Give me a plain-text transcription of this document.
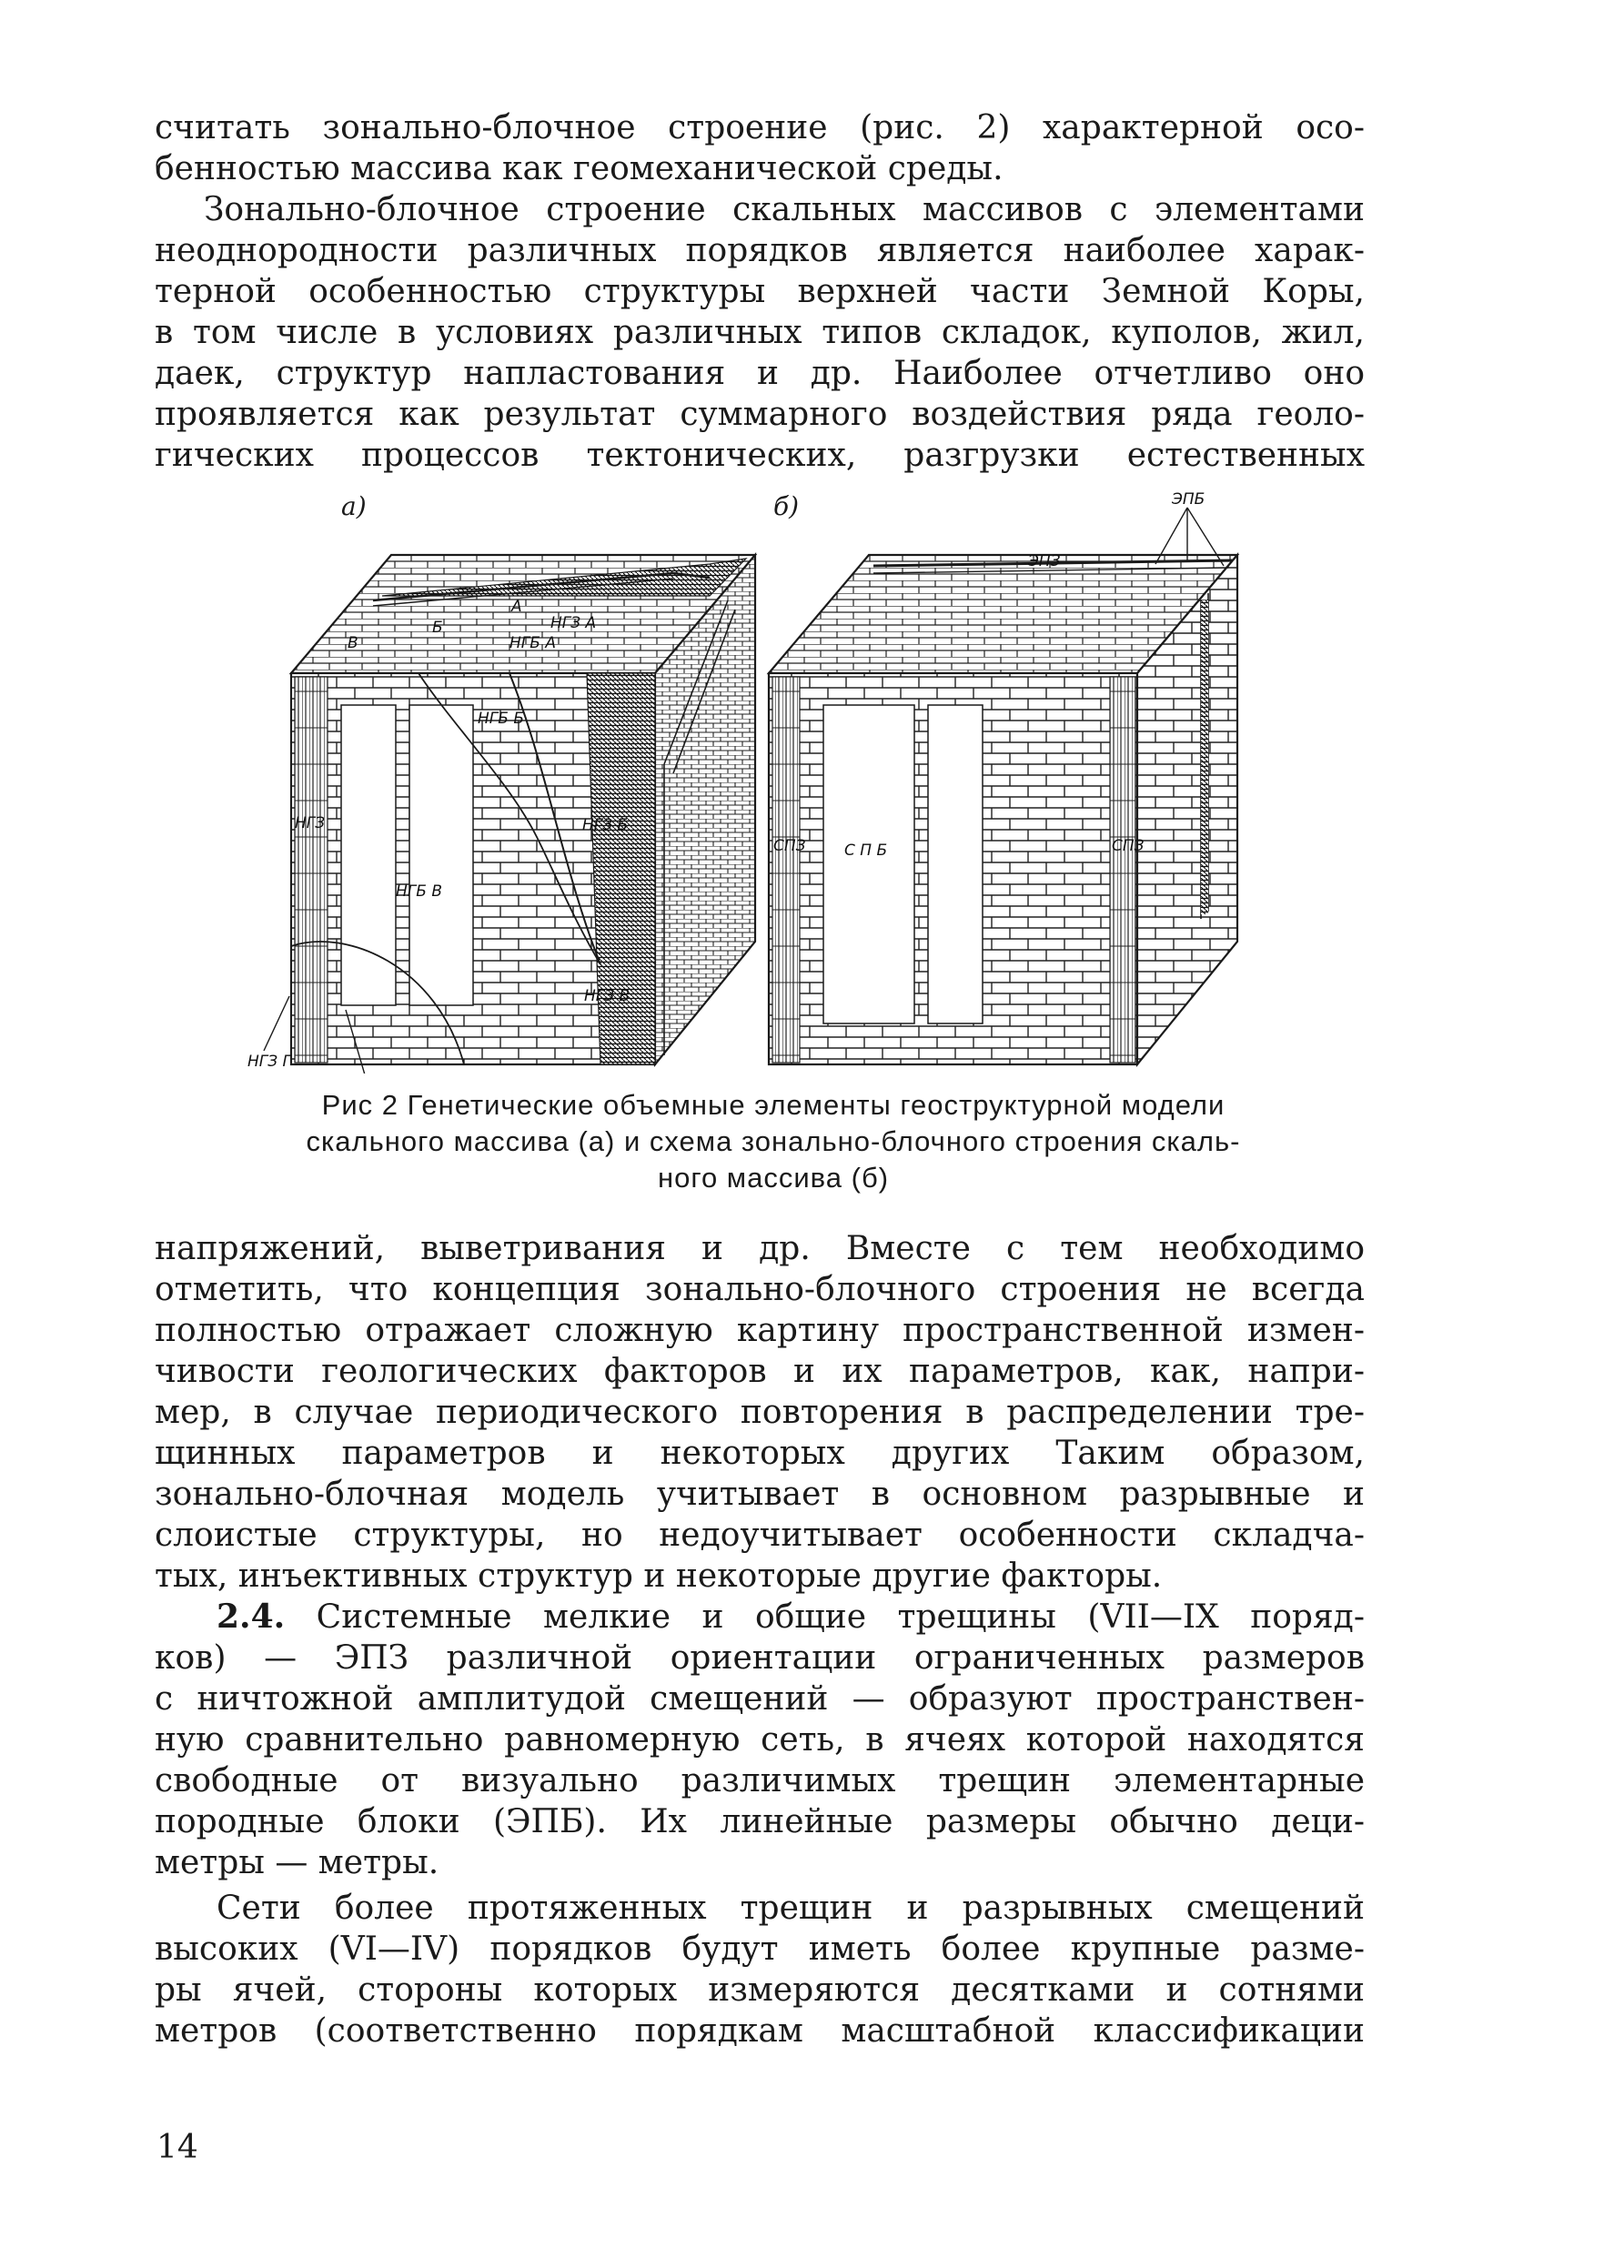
считать зонально-блочное строение (рис. 2) характерной осо-
бенностью массива как геомеханической среды.

Зонально-блочное строение скальных массивов с элементами
неоднородности различных порядков является наиболее харак-
терной особенностью структуры верхней части Земной Коры,
в том числе в условиях различных типов складок, куполов, жил,
даек, структур напластования и др. Наиболее отчетливо оно
проявляется как результат суммарного воздействия ряда геоло-
гических процессов тектонических, разгрузки естественных

а)	б)
В
Б
А
НГЗ А
НГБ А
НГБ Б
НГЗ	НГЗ Б
НГБ В
НГЗ В
НГЗ Г
ЭПБ
ЭПЗ
СПЗ С П Б	СПЗ
Рис 2 Генетические объемные элементы геоструктурной модели
скального массива (а) и схема зонально-блочного строения скаль-
ного массива (б)

напряжений, выветривания и др. Вместе с тем необходимо
отметить, что концепция зонально-блочного строения не всегда
полностью отражает сложную картину пространственной измен-
чивости геологических факторов и их параметров, как, напри-
мер, в случае периодического повторения в распределении тре-
щинных параметров и некоторых других Таким образом,
зонально-блочная модель учитывает в основном разрывные и
слоистые структуры, но недоучитывает особенности складча-
тых, инъективных структур и некоторые другие факторы.

2.4. Системные мелкие и общие трещины (VII—IX поряд-
ков) — ЭПЗ различной ориентации ограниченных размеров
с ничтожной амплитудой смещений — образуют пространствен-
ную сравнительно равномерную сеть, в ячеях которой находятся
свободные от визуально различимых трещин элементарные
породные блоки (ЭПБ). Их линейные размеры обычно деци-
метры — метры.

Сети более протяженных трещин и разрывных смещений
высоких (VI—IV) порядков будут иметь более крупные разме-
ры ячей, стороны которых измеряются десятками и сотнями
метров (соответственно порядкам масштабной классификации

14
